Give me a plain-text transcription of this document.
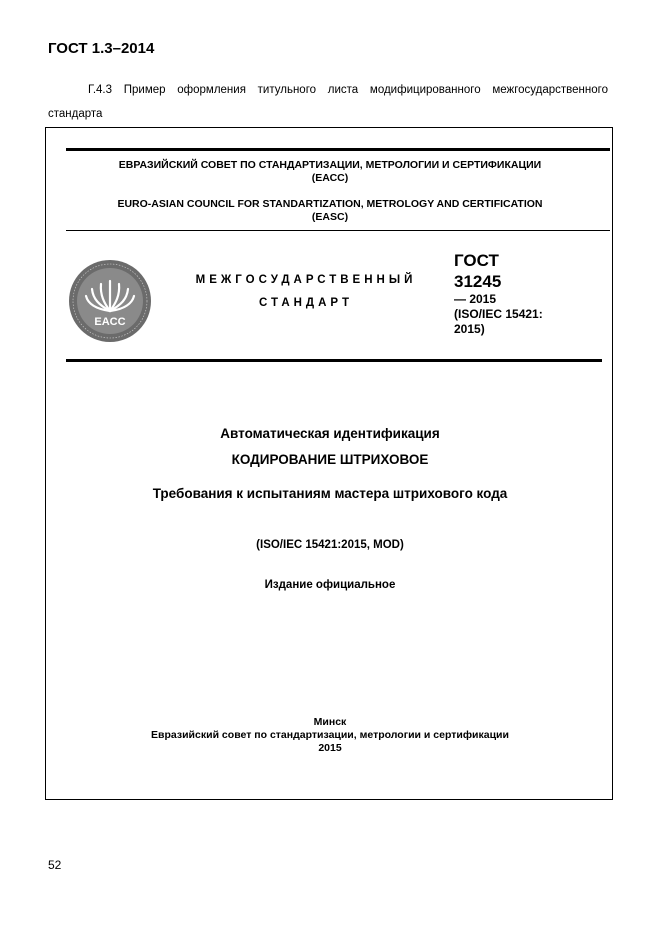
ГОСТ 1.3–2014
Г.4.3 Пример оформления титульного листа модифицированного межгосударственного стандарта
ЕВРАЗИЙСКИЙ СОВЕТ ПО СТАНДАРТИЗАЦИИ, МЕТРОЛОГИИ И СЕРТИФИКАЦИИ
(ЕАСС)
EURO-ASIAN COUNCIL FOR STANDARTIZATION, METROLOGY AND CERTIFICATION
(EASC)
EACC
МЕЖГОСУДАРСТВЕННЫЙ
СТАНДАРТ
ГОСТ
31245
— 2015
(ISO/IEC 15421:
2015)
Автоматическая идентификация
КОДИРОВАНИЕ ШТРИХОВОЕ
Требования к испытаниям мастера штрихового кода
(ISO/IEC 15421:2015, MOD)
Издание официальное
Минск
Евразийский совет по стандартизации, метрологии и сертификации
2015
52
